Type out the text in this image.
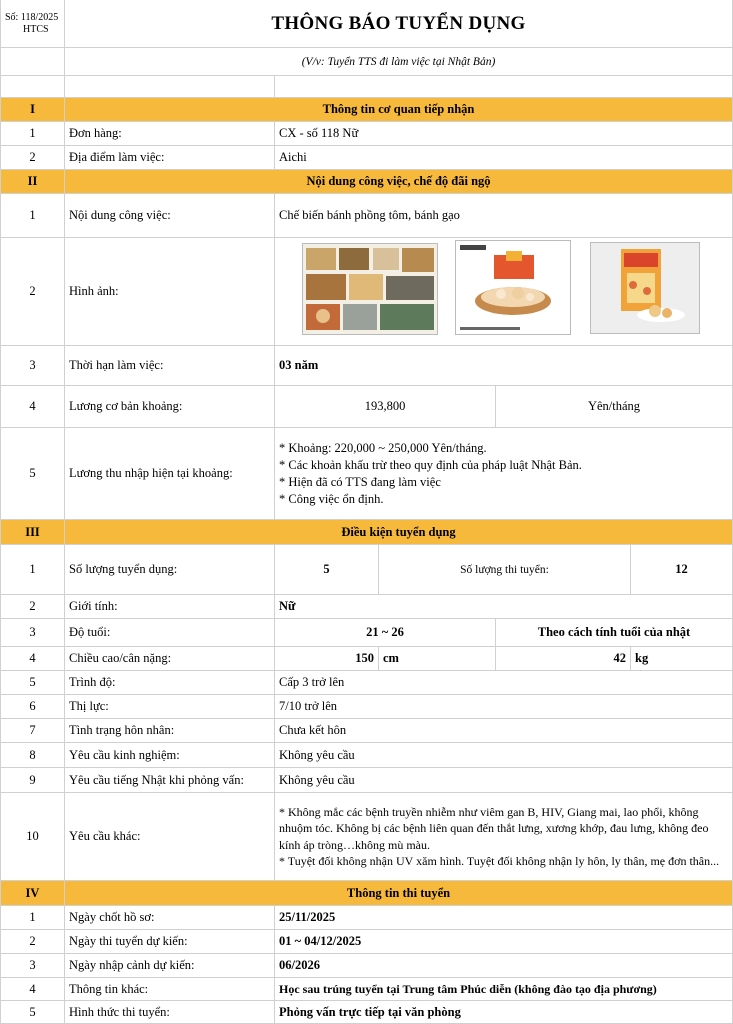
Số: 118/2025
HTCS	THÔNG BÁO TUYỂN DỤNG
(V/v: Tuyển TTS đi làm việc tại Nhật Bản)
I	Thông tin cơ quan tiếp nhận
1	Đơn hàng:	CX - số 118 Nữ
2	Địa điểm làm việc:	Aichi
II	Nội dung công việc, chế độ đãi ngộ
1	Nội dung công việc:	Chế biến bánh phồng tôm, bánh gạo
2	Hình ảnh:
3	Thời hạn làm việc:	03 năm
4	Lương cơ bản khoảng:	193,800	Yên/tháng
5	Lương thu nhập hiện tại khoảng:
* Khoảng: 220,000 ~ 250,000 Yên/tháng.
* Các khoản khấu trừ theo quy định của pháp luật Nhật Bản.
* Hiện đã có TTS đang làm việc
* Công việc ổn định.
III	Điều kiện tuyển dụng
1	Số lượng tuyển dụng:	5	Số lượng thi tuyển:	12
2	Giới tính:	Nữ
3	Độ tuổi:	21 ~ 26	Theo cách tính tuổi của nhật
4	Chiều cao/cân nặng:	150 cm	42 kg
5	Trình độ:	Cấp 3 trở lên
6	Thị lực:	7/10 trở lên
7	Tình trạng hôn nhân:	Chưa kết hôn
8	Yêu cầu kinh nghiệm:	Không yêu cầu
9	Yêu cầu tiếng Nhật khi phỏng vấn:	Không yêu cầu
10	Yêu cầu khác:
* Không mắc các bệnh truyền nhiễm như viêm gan B, HIV, Giang mai, lao phổi, không nhuộm tóc. Không bị các bệnh liên quan đến thắt lưng, xương khớp, đau lưng, không đeo kính áp tròng…không mù màu.
* Tuyệt đối không nhận UV xăm hình. Tuyệt đối không nhận ly hôn, ly thân, mẹ đơn thân...
IV	Thông tin thi tuyển
1	Ngày chốt hồ sơ:	25/11/2025
2	Ngày thi tuyển dự kiến:	01 ~ 04/12/2025
3	Ngày nhập cảnh dự kiến:	06/2026
4	Thông tin khác:	Học sau trúng tuyển tại Trung tâm Phúc diễn (không đào tạo địa phương)
5	Hình thức thi tuyển:	Phỏng vấn trực tiếp tại văn phòng
